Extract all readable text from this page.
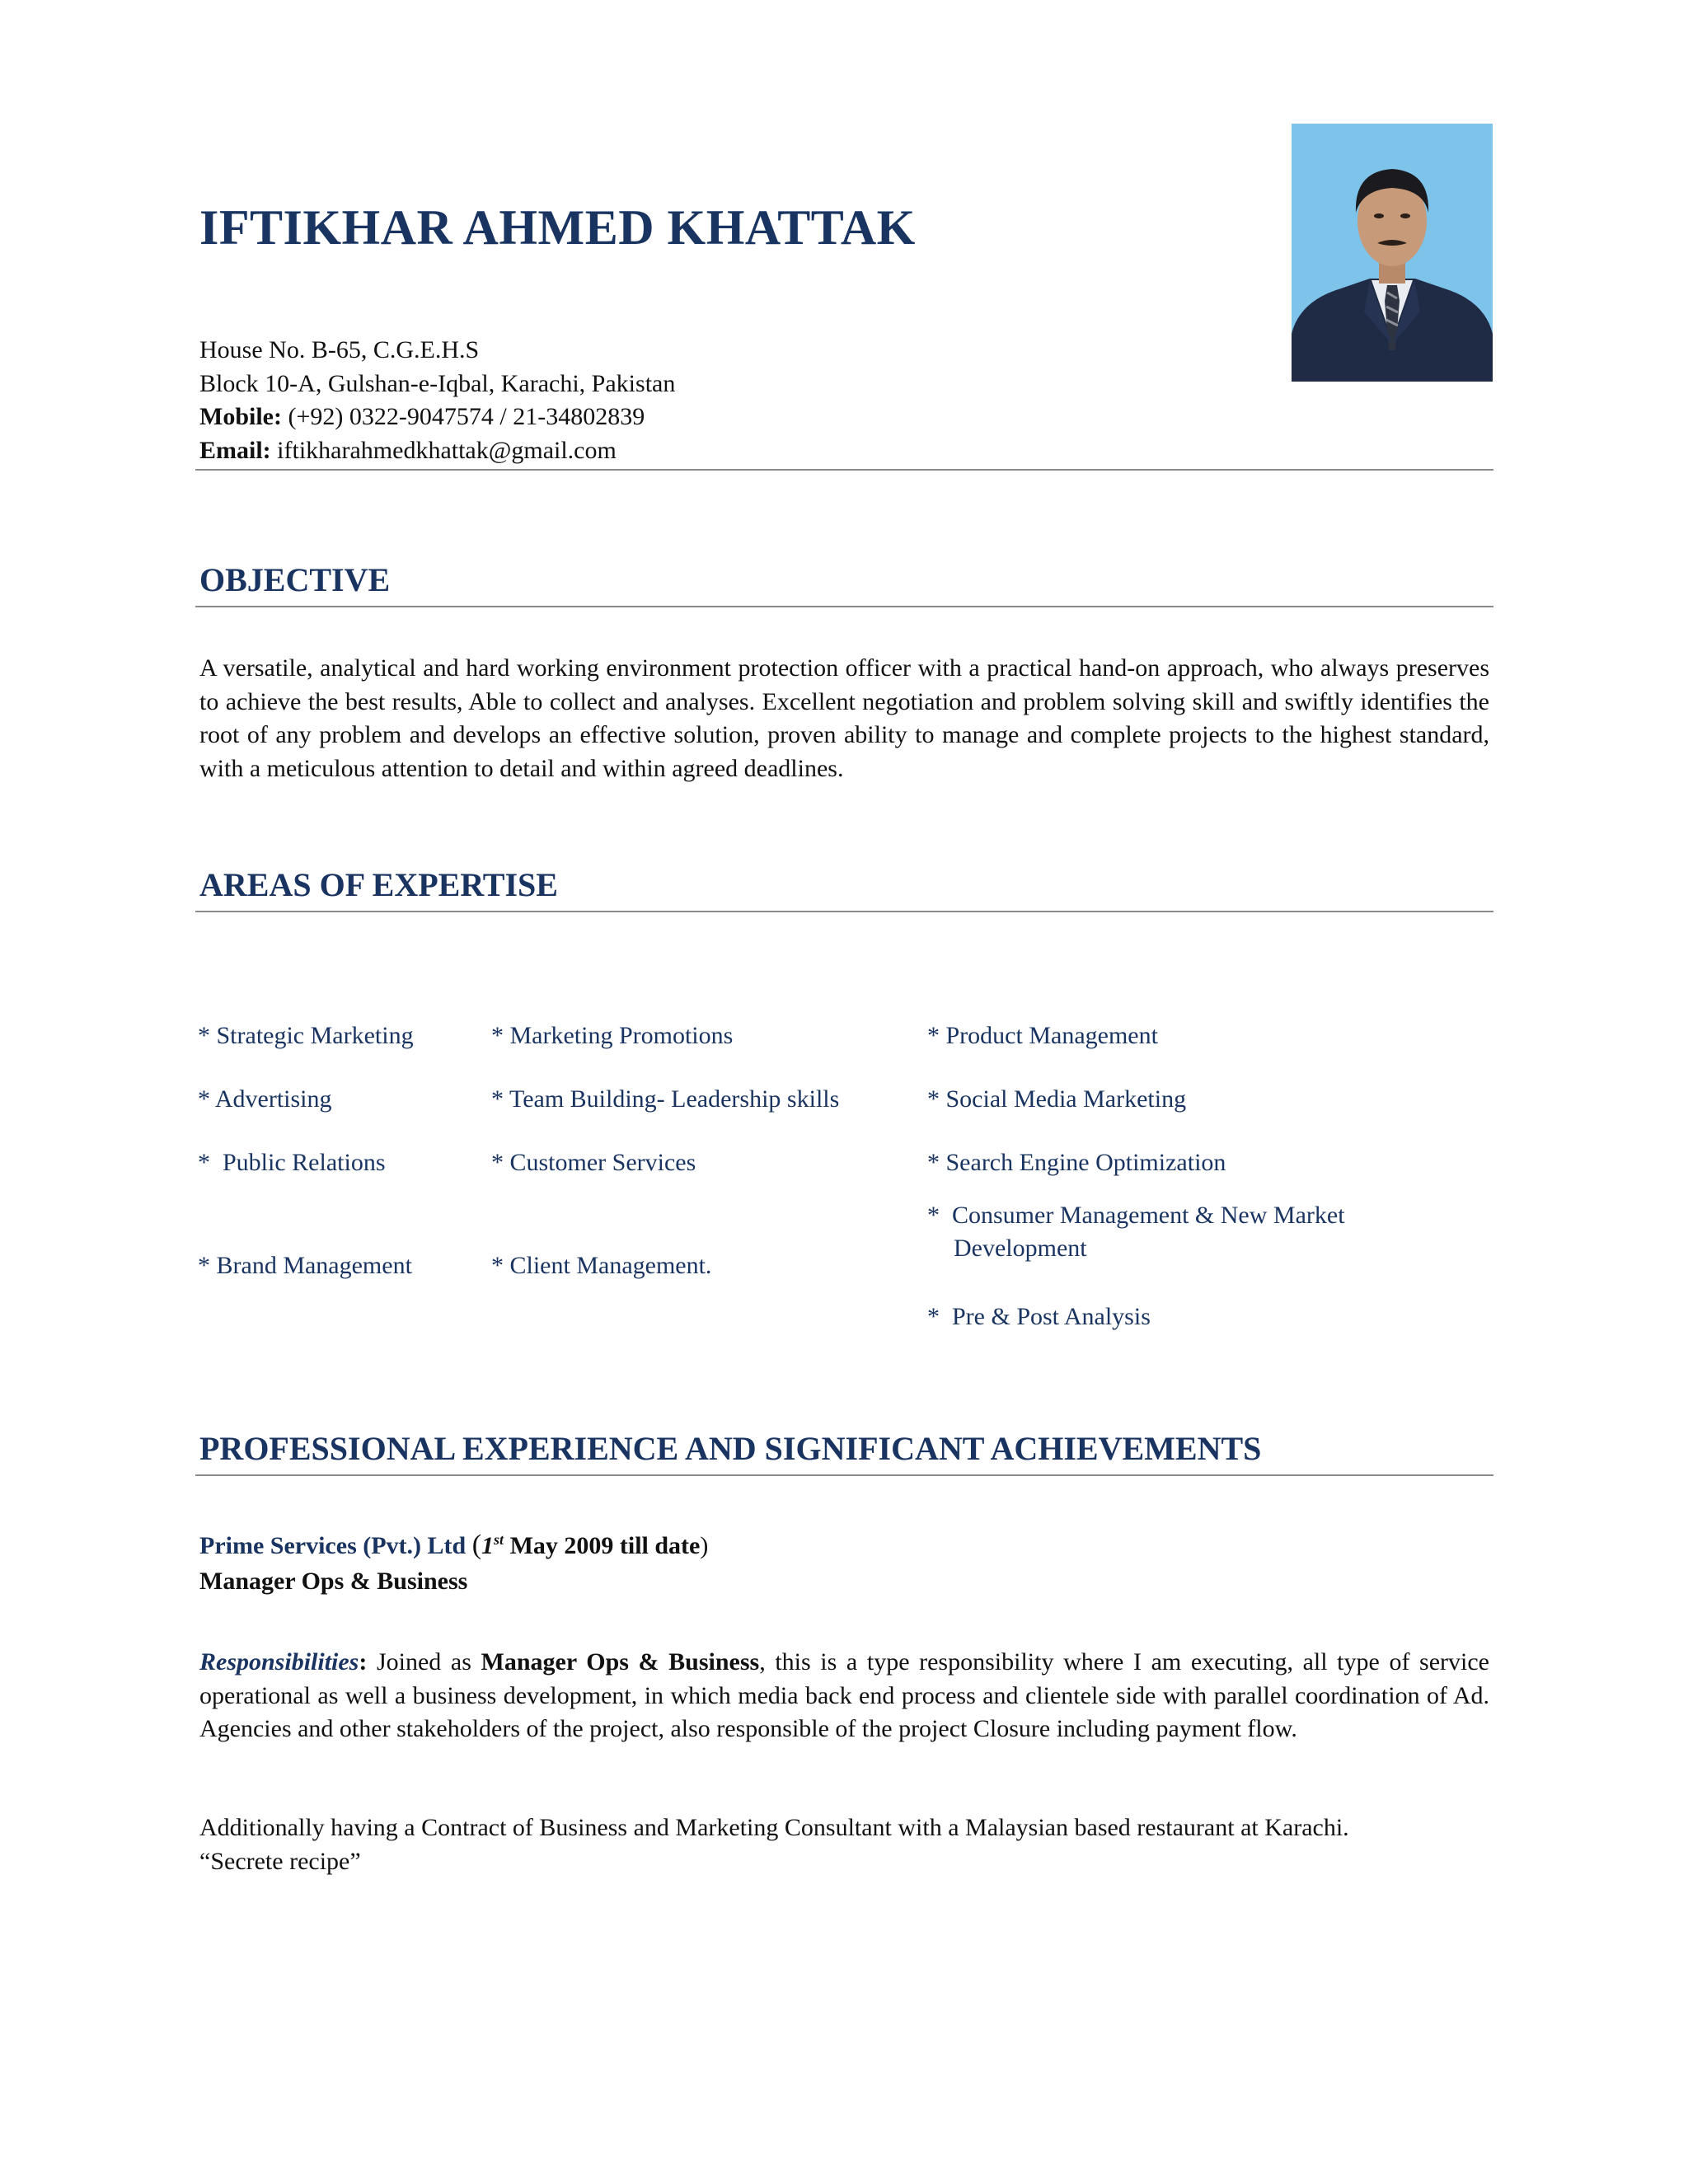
IFTIKHAR AHMED KHATTAK
House No. B-65, C.G.E.H.S
Block 10-A, Gulshan-e-Iqbal, Karachi, Pakistan
Mobile: (+92) 0322-9047574 / 21-34802839
Email: iftikharahmedkhattak@gmail.com
OBJECTIVE
A versatile, analytical and hard working environment protection officer with a practical hand-on approach, who always preserves to achieve the best results, Able to collect and analyses. Excellent negotiation and problem solving skill and swiftly identifies the root of any problem and develops an effective solution, proven ability to manage and complete projects to the highest standard, with a meticulous attention to detail and within agreed deadlines.
AREAS OF EXPERTISE
* Strategic Marketing	* Marketing Promotions	* Product Management
* Advertising	* Team Building- Leadership skills	* Social Media Marketing
*  Public Relations	* Customer Services	* Search Engine Optimization
*  Consumer Management & New Market
Development
* Brand Management	* Client Management.
*  Pre & Post Analysis
PROFESSIONAL EXPERIENCE AND SIGNIFICANT ACHIEVEMENTS
Prime Services (Pvt.) Ltd (1st May 2009 till date)
Manager Ops & Business
Responsibilities: Joined as Manager Ops & Business, this is a type responsibility where I am executing, all type of service operational as well a business development, in which media back end process and clientele side with parallel coordination of Ad. Agencies and other stakeholders of the project, also responsible of the project Closure including payment flow.
Additionally having a Contract of Business and Marketing Consultant with a Malaysian based restaurant at Karachi.
“Secrete recipe”
